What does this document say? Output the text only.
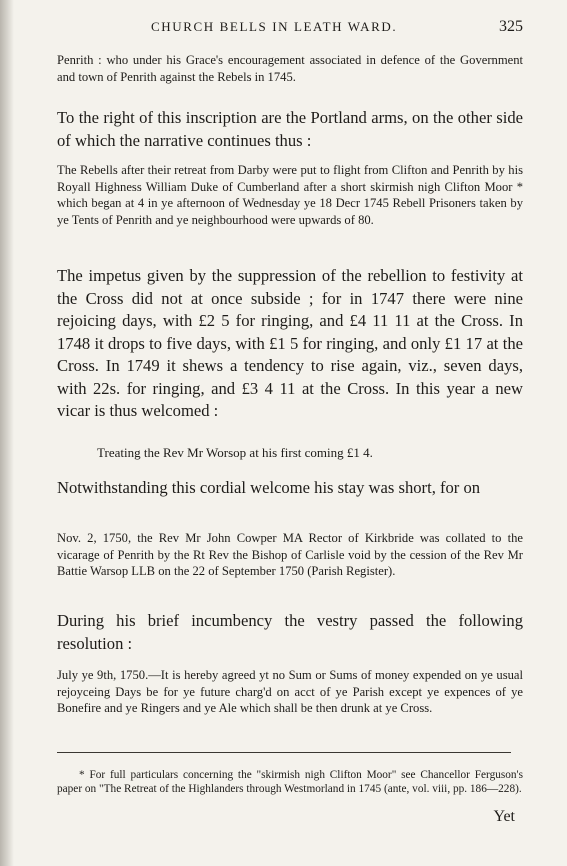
CHURCH BELLS IN LEATH WARD.	325

Penrith : who under his Grace's encouragement associated in defence of the Government and town of Penrith against the Rebels in 1745.

To the right of this inscription are the Portland arms, on the other side of which the narrative continues thus :

The Rebells after their retreat from Darby were put to flight from Clifton and Penrith by his Royall Highness William Duke of Cumberland after a short skirmish nigh Clifton Moor * which began at 4 in ye afternoon of Wednesday ye 18 Decr 1745 Rebell Prisoners taken by ye Tents of Penrith and ye neighbourhood were upwards of 80.

The impetus given by the suppression of the rebellion to festivity at the Cross did not at once subside ; for in 1747 there were nine rejoicing days, with £2 5 for ringing, and £4 11 11 at the Cross. In 1748 it drops to five days, with £1 5 for ringing, and only £1 17 at the Cross. In 1749 it shews a tendency to rise again, viz., seven days, with 22s. for ringing, and £3 4 11 at the Cross. In this year a new vicar is thus welcomed :

Treating the Rev Mr Worsop at his first coming £1 4.

Notwithstanding this cordial welcome his stay was short, for on

Nov. 2, 1750, the Rev Mr John Cowper MA Rector of Kirkbride was collated to the vicarage of Penrith by the Rt Rev the Bishop of Carlisle void by the cession of the Rev Mr Battie Warsop LLB on the 22 of September 1750 (Parish Register).

During his brief incumbency the vestry passed the following resolution :

July ye 9th, 1750.—It is hereby agreed yt no Sum or Sums of money expended on ye usual rejoyceing Days be for ye future charg'd on acct of ye Parish except ye expences of ye Bonefire and ye Ringers and ye Ale which shall be then drunk at ye Cross.

* For full particulars concerning the "skirmish nigh Clifton Moor" see Chancellor Ferguson's paper on "The Retreat of the Highlanders through Westmorland in 1745 (ante, vol. viii, pp. 186—228).

Yet
